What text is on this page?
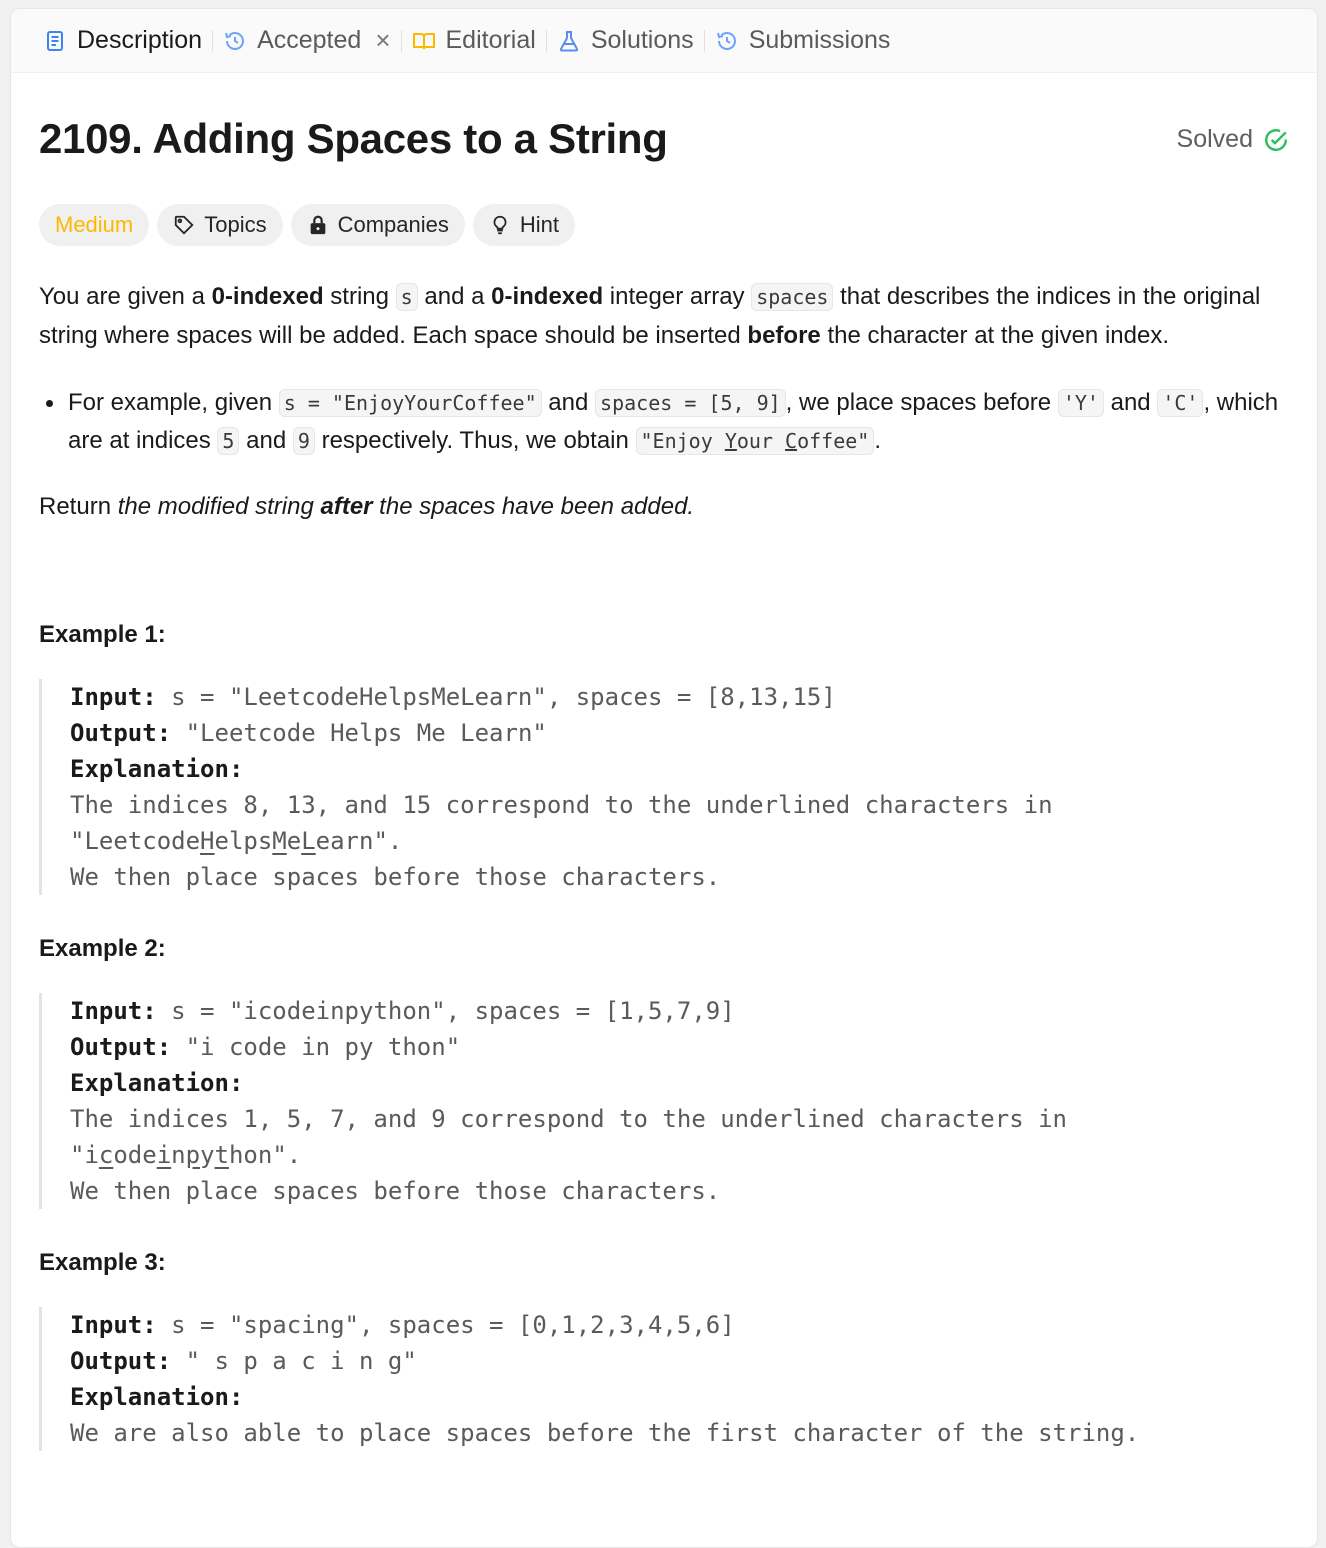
Description Accepted × Editorial Solutions Submissions
2109. Adding Spaces to a String	Solved
Medium	Topics	Companies	Hint

You are given a 0-indexed string s and a 0-indexed integer array spaces that describes the indices in the original string where spaces will be added. Each space should be inserted before the character at the given index.

For example, given s = "EnjoyYourCoffee" and spaces = [5, 9] , we place spaces before 'Y' and 'C' , which are at indices 5 and 9 respectively. Thus, we obtain "Enjoy Your Coffee" .

Return the modified string after the spaces have been added.

Example 1:
Input: s = "LeetcodeHelpsMeLearn", spaces = [8,13,15]
Output: "Leetcode Helps Me Learn"
Explanation:
The indices 8, 13, and 15 correspond to the underlined characters in
"LeetcodeHelpsMeLearn".
We then place spaces before those characters.
Example 2:
Input: s = "icodeinpython", spaces = [1,5,7,9]
Output: "i code in py thon"
Explanation:
The indices 1, 5, 7, and 9 correspond to the underlined characters in
"icodeinpython".
We then place spaces before those characters.
Example 3:
Input: s = "spacing", spaces = [0,1,2,3,4,5,6]
Output: " s p a c i n g"
Explanation:
We are also able to place spaces before the first character of the string.
